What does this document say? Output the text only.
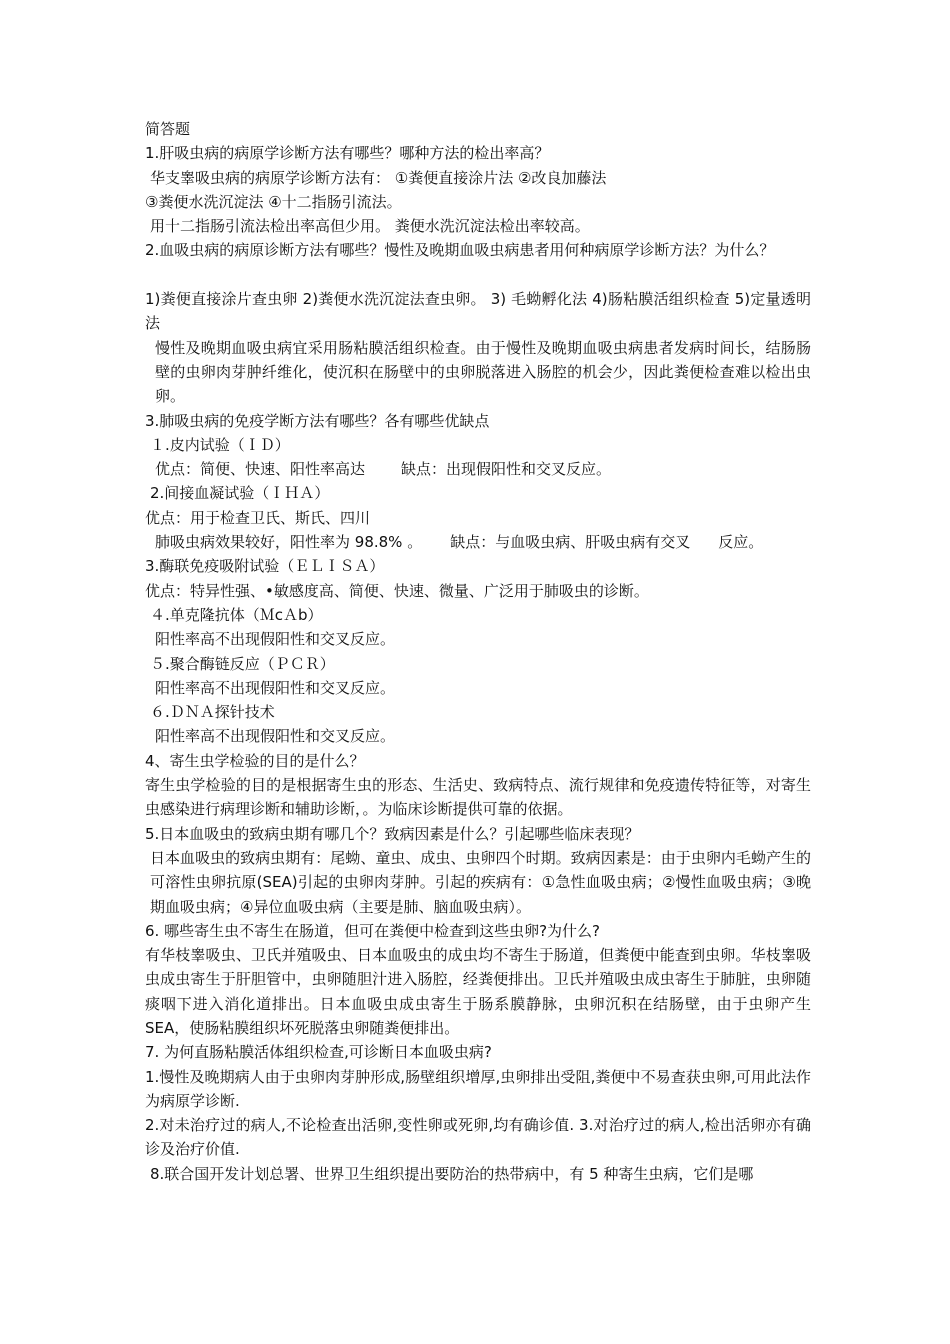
简答题
1.肝吸虫病的病原学诊断方法有哪些？哪种方法的检出率高？
华支睾吸虫病的病原学诊断方法有： ①粪便直接涂片法 ②改良加藤法
③粪便水洗沉淀法 ④十二指肠引流法。
用十二指肠引流法检出率高但少用。 粪便水洗沉淀法检出率较高。
2.血吸虫病的病原诊断方法有哪些？慢性及晚期血吸虫病患者用何种病原学诊断方法？为什么？
1)粪便直接涂片查虫卵 2)粪便水洗沉淀法查虫卵。 3) 毛蚴孵化法 4)肠粘膜活组织检查 5)定量透明法
慢性及晚期血吸虫病宜采用肠粘膜活组织检查。由于慢性及晚期血吸虫病患者发病时间长，结肠肠壁的虫卵肉芽肿纤维化，使沉积在肠壁中的虫卵脱落进入肠腔的机会少，因此粪便检查难以检出虫卵。
3.肺吸虫病的免疫学断方法有哪些？各有哪些优缺点
１.皮内试验（ＩＤ）
优点：简便、快速、阳性率高达 缺点：出现假阳性和交叉反应。
2.间接血凝试验（ＩＨＡ）
优点：用于检查卫氏、斯氏、四川
肺吸虫病效果较好，阳性率为 98.8% 。 缺点：与血吸虫病、肝吸虫病有交叉 反应。
3.酶联免疫吸附试验（ＥＬＩＳＡ）
优点：特异性强、•敏感度高、简便、快速、微量、广泛用于肺吸虫的诊断。
４.单克隆抗体（ＭcＡb）
阳性率高不出现假阳性和交叉反应。
５.聚合酶链反应（ＰＣＲ）
阳性率高不出现假阳性和交叉反应。
６.ＤＮＡ探针技术
阳性率高不出现假阳性和交叉反应。
4、寄生虫学检验的目的是什么？
寄生虫学检验的目的是根据寄生虫的形态、生活史、致病特点、流行规律和免疫遗传特征等，对寄生虫感染进行病理诊断和辅助诊断，。为临床诊断提供可靠的依据。
5.日本血吸虫的致病虫期有哪几个？致病因素是什么？引起哪些临床表现？
日本血吸虫的致病虫期有：尾蚴、童虫、成虫、虫卵四个时期。致病因素是：由于虫卵内毛蚴产生的可溶性虫卵抗原(SEA)引起的虫卵肉芽肿。引起的疾病有：①急性血吸虫病；②慢性血吸虫病；③晚期血吸虫病；④异位血吸虫病（主要是肺、脑血吸虫病）。
6. 哪些寄生虫不寄生在肠道，但可在粪便中检查到这些虫卵?为什么?
有华枝睾吸虫、卫氏并殖吸虫、日本血吸虫的成虫均不寄生于肠道，但粪便中能查到虫卵。华枝睾吸虫成虫寄生于肝胆管中，虫卵随胆汁进入肠腔，经粪便排出。卫氏并殖吸虫成虫寄生于肺脏，虫卵随痰咽下进入消化道排出。日本血吸虫成虫寄生于肠系膜静脉，虫卵沉积在结肠壁，由于虫卵产生 SEA，使肠粘膜组织坏死脱落虫卵随粪便排出。
7. 为何直肠粘膜活体组织检查,可诊断日本血吸虫病?
1.慢性及晚期病人由于虫卵肉芽肿形成,肠壁组织增厚,虫卵排出受阻,粪便中不易查获虫卵,可用此法作为病原学诊断.
2.对未治疗过的病人,不论检查出活卵,变性卵或死卵,均有确诊值. 3.对治疗过的病人,检出活卵亦有确诊及治疗价值.
8.联合国开发计划总署、世界卫生组织提出要防治的热带病中，有 5 种寄生虫病，它们是哪
